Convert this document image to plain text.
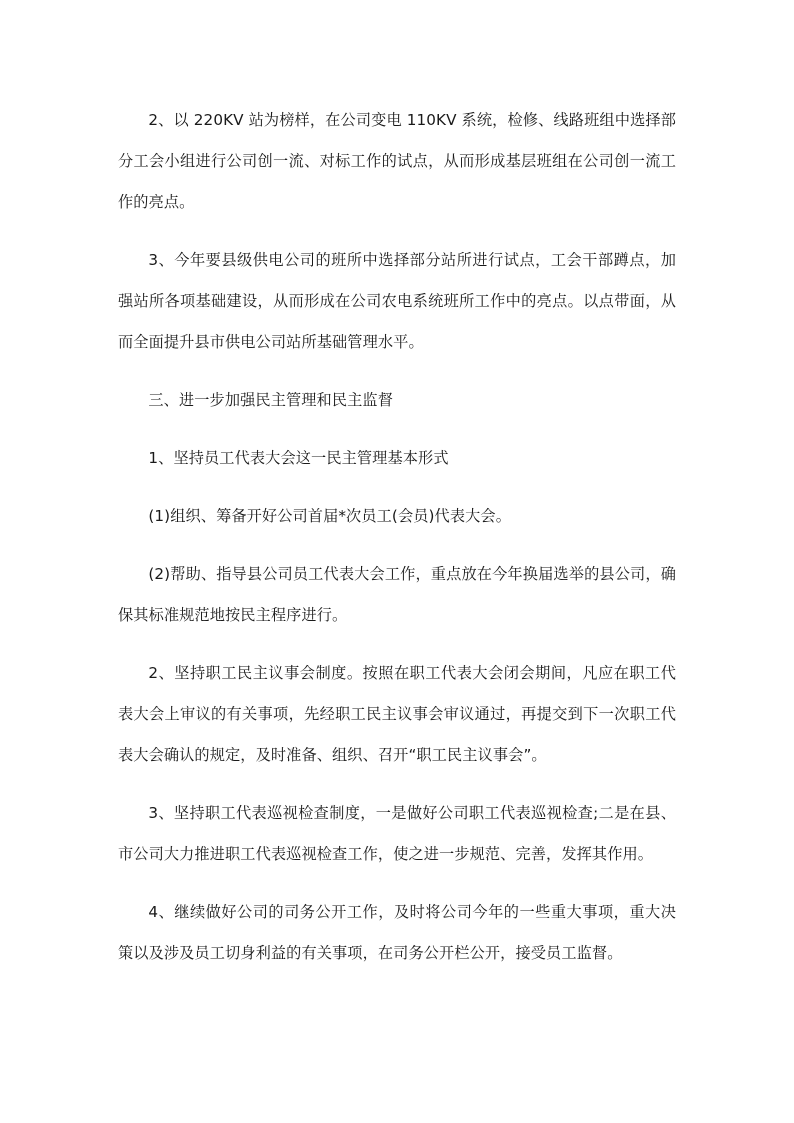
2、以 220KV 站为榜样，在公司变电 110KV 系统，检修、线路班组中选择部分工会小组进行公司创一流、对标工作的试点，从而形成基层班组在公司创一流工作的亮点。

3、今年要县级供电公司的班所中选择部分站所进行试点，工会干部蹲点，加强站所各项基础建设，从而形成在公司农电系统班所工作中的亮点。以点带面，从而全面提升县市供电公司站所基础管理水平。

三、进一步加强民主管理和民主监督

1、坚持员工代表大会这一民主管理基本形式

(1)组织、筹备开好公司首届*次员工(会员)代表大会。

(2)帮助、指导县公司员工代表大会工作，重点放在今年换届选举的县公司，确保其标准规范地按民主程序进行。

2、坚持职工民主议事会制度。按照在职工代表大会闭会期间，凡应在职工代表大会上审议的有关事项，先经职工民主议事会审议通过，再提交到下一次职工代表大会确认的规定，及时准备、组织、召开“职工民主议事会”。

3、坚持职工代表巡视检查制度，一是做好公司职工代表巡视检查;二是在县、市公司大力推进职工代表巡视检查工作，使之进一步规范、完善，发挥其作用。

4、继续做好公司的司务公开工作，及时将公司今年的一些重大事项，重大决策以及涉及员工切身利益的有关事项，在司务公开栏公开，接受员工监督。
